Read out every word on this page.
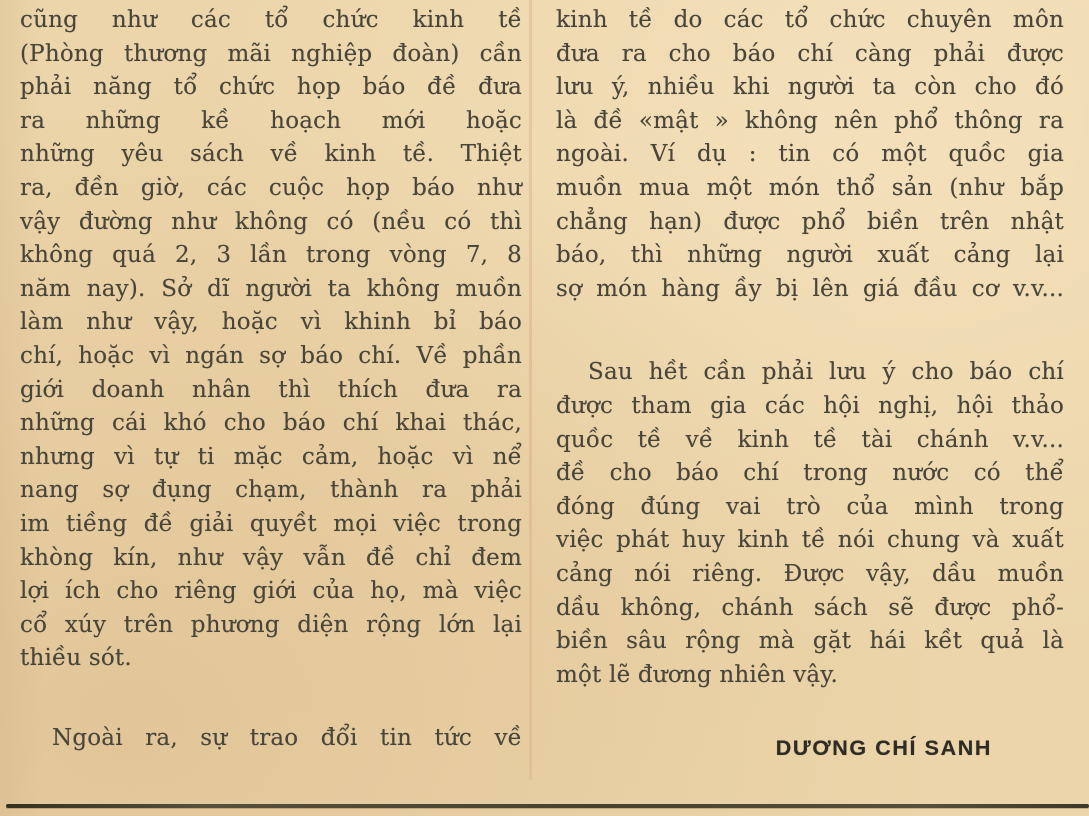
cũng như các tổ chức kinh tề
(Phòng thương mãi nghiệp đoàn) cần
phải năng tổ chức họp báo đề đưa
ra những kề hoạch mới hoặc
những yêu sách về kinh tề. Thiệt
ra, đền giờ, các cuộc họp báo như
vậy đường như không có (nều có thì
không quá 2, 3 lần trong vòng 7, 8
năm nay). Sở dĩ người ta không muồn
làm như vậy, hoặc vì khinh bỉ báo
chí, hoặc vì ngán sợ báo chí. Về phần
giới doanh nhân thì thích đưa ra
những cái khó cho báo chí khai thác,
nhưng vì tự ti mặc cảm, hoặc vì nể
nang sợ đụng chạm, thành ra phải
im tiềng đề giải quyềt mọi việc trong
khòng kín, như vậy vẫn đề chỉ đem
lợi ích cho riêng giới của họ, mà việc
cổ xúy trên phương diện rộng lớn lại
thiều sót.
Ngoài ra, sự trao đổi tin tức về
kinh tề do các tổ chức chuyên môn
đưa ra cho báo chí càng phải được
lưu ý, nhiều khi người ta còn cho đó
là đề «mật » không nên phổ thông ra
ngoài. Ví dụ : tin có một quồc gia
muồn mua một món thổ sản (như bắp
chẳng hạn) được phổ biền trên nhật
báo, thì những người xuất cảng lại
sợ món hàng ầy bị lên giá đầu cơ v.v...
Sau hềt cần phải lưu ý cho báo chí
được tham gia các hội nghị, hội thảo
quồc tề về kinh tề tài chánh v.v...
đề cho báo chí trong nước có thể
đóng đúng vai trò của mình trong
việc phát huy kinh tề nói chung và xuất
cảng nói riêng. Được vậy, dầu muồn
dầu không, chánh sách sẽ được phổ-
biền sâu rộng mà gặt hái kềt quả là
một lẽ đương nhiên vậy.
DƯƠNG CHÍ SANH
